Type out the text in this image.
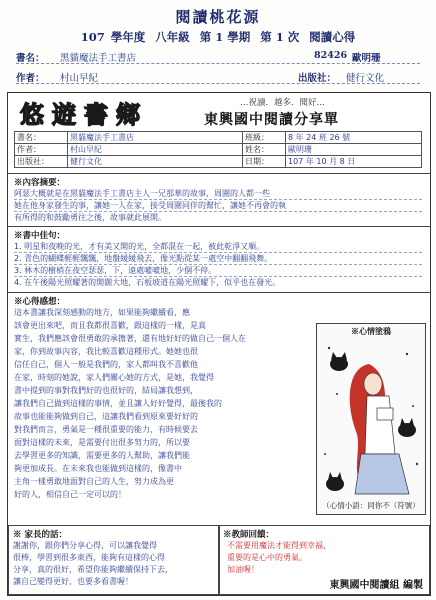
閱讀桃花源
107 學年度 八年級 第 1 學期 第 1 次 閱讀心得
書名： 黑貓魔法手工書店	82426 歐明珊
作者： 村山早紀	出版社： 健行文化
悠遊書鄉	…祝讀．越多．閱好…
東興國中閱讀分享單
書名：	黑貓魔法手工書店	班級：	8 年 24 班 26 號
作者：	村山早紀	姓名：	歐明珊
出版社：	健行文化	日期：	107 年 10 月 8 日
※內容摘要：
阿瑟大概就是在黑貓魔法手工書店主人一兄那華的故事，周圍的人都一些
她在他身家發生的事，讓她一人在家，接受周圍同伴的幫忙，讓她不再會的執
有所得的和鼓勵勇往之後，故事就此展開。
※書中佳句：
1. 明星和夜晚的光，才有美又開的光，全都混在一起，被此乾淨又順。
2. 青色的蝴蝶輕輕飄飄，地盤緩緩飛去，像光點從某一處空中翻翻飛舞。
3. 林木的樹梢在夜空瑟瑟，下，遠處噓噓地，少個不停。
4. 在午後陽光照耀著的開闊大地，石板坡道在陽光照耀下，似乎也在發光。
※心得感想：
這本書讓我深刻感動的地方，如果能夠繼續看，應
該會更出來吧，而且我都很喜歡，跟這樣的一樣，是真
實生，我們應該會很勇敢的承擔著，還有地好好的做自己一個人在
家，你到故事內容，我比較喜歡這種形式。她她也很
信任自己，個人一般是我們的，家人都叫我不喜歡他
在家，時刻的她說，家人們關心她的方式，是她，我覺得
書中提到的事對我們好的也很好的，結局讓我想到，
讓我們自己做到這樣的事情，並且讓人好好覺得，最後我的
故事也能能夠做到自己，這讓我們看到原來要好好的
對我們而言，勇氣是一種很重要的能力，有時候要去
面對這樣的未來，是需要付出很多努力的，所以要
去學習更多的知識，需要更多的人幫助，讓我們能
夠更加成長。在未來我也能做到這樣的，像書中
主角一樣勇敢地面對自己的人生，努力成為更
好的人，相信自己一定可以的！
※心情塗鴉
（心情小語：同你不（符號）
※ 家長的話：
謝謝你，跟你們分享心得，可以讓我覺得
很棒，學習到很多東西，能夠有這樣的心得
分享，真的很好，希望你能夠繼續保持下去，
讓自己變得更好，也要多看書喔！
※教師回饋：
不需要用魔法才能得到幸福，
重要的是心中的勇氣。
加油喔！
東興國中閱讀組 編製
